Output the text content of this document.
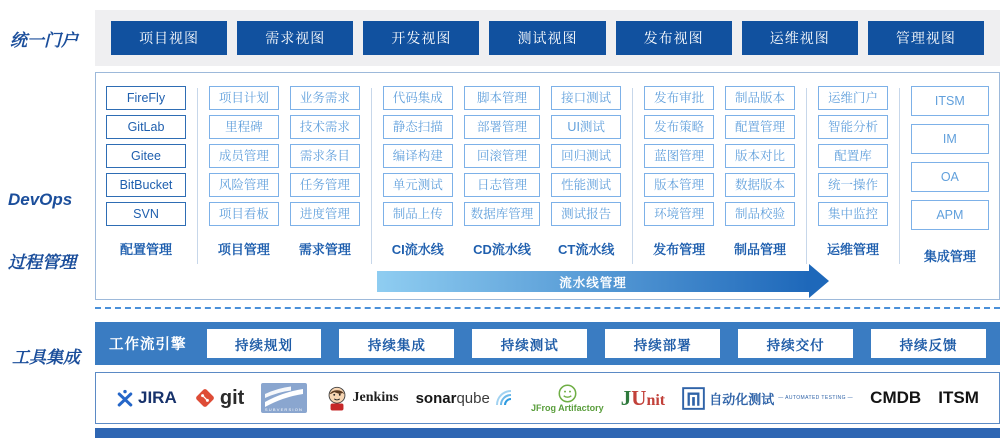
统一门户

DevOps

过程管理

工具集成
项目视图	需求视图	开发视图	测试视图	发布视图	运维视图	管理视图
FireFly
GitLab
Gitee
BitBucket
SVN
配置管理
项目计划
里程碑
成员管理
风险管理
项目看板
项目管理
业务需求
技术需求
需求条目
任务管理
进度管理
需求管理
代码集成
静态扫描
编译构建
单元测试
制品上传
CI流水线
脚本管理
部署管理
回滚管理
日志管理
数据库管理
CD流水线
接口测试
UI测试
回归测试
性能测试
测试报告
CT流水线
发布审批
发布策略
蓝图管理
版本管理
环境管理
发布管理
制品版本
配置管理
版本对比
数据版本
制品校验
制品管理
运维门户
智能分析
配置库
统一操作
集中监控
运维管理
ITSM
IM
OA
APM
集成管理
流水线管理
工作流引擎	持续规划	持续集成	持续测试	持续部署	持续交付	持续反馈
JIRA git
SUBVERSION
Jenkins sonar qube
JFrog Artifactory J U nit	自动化测试 — AUTOMATED TESTING — CMDB ITSM
